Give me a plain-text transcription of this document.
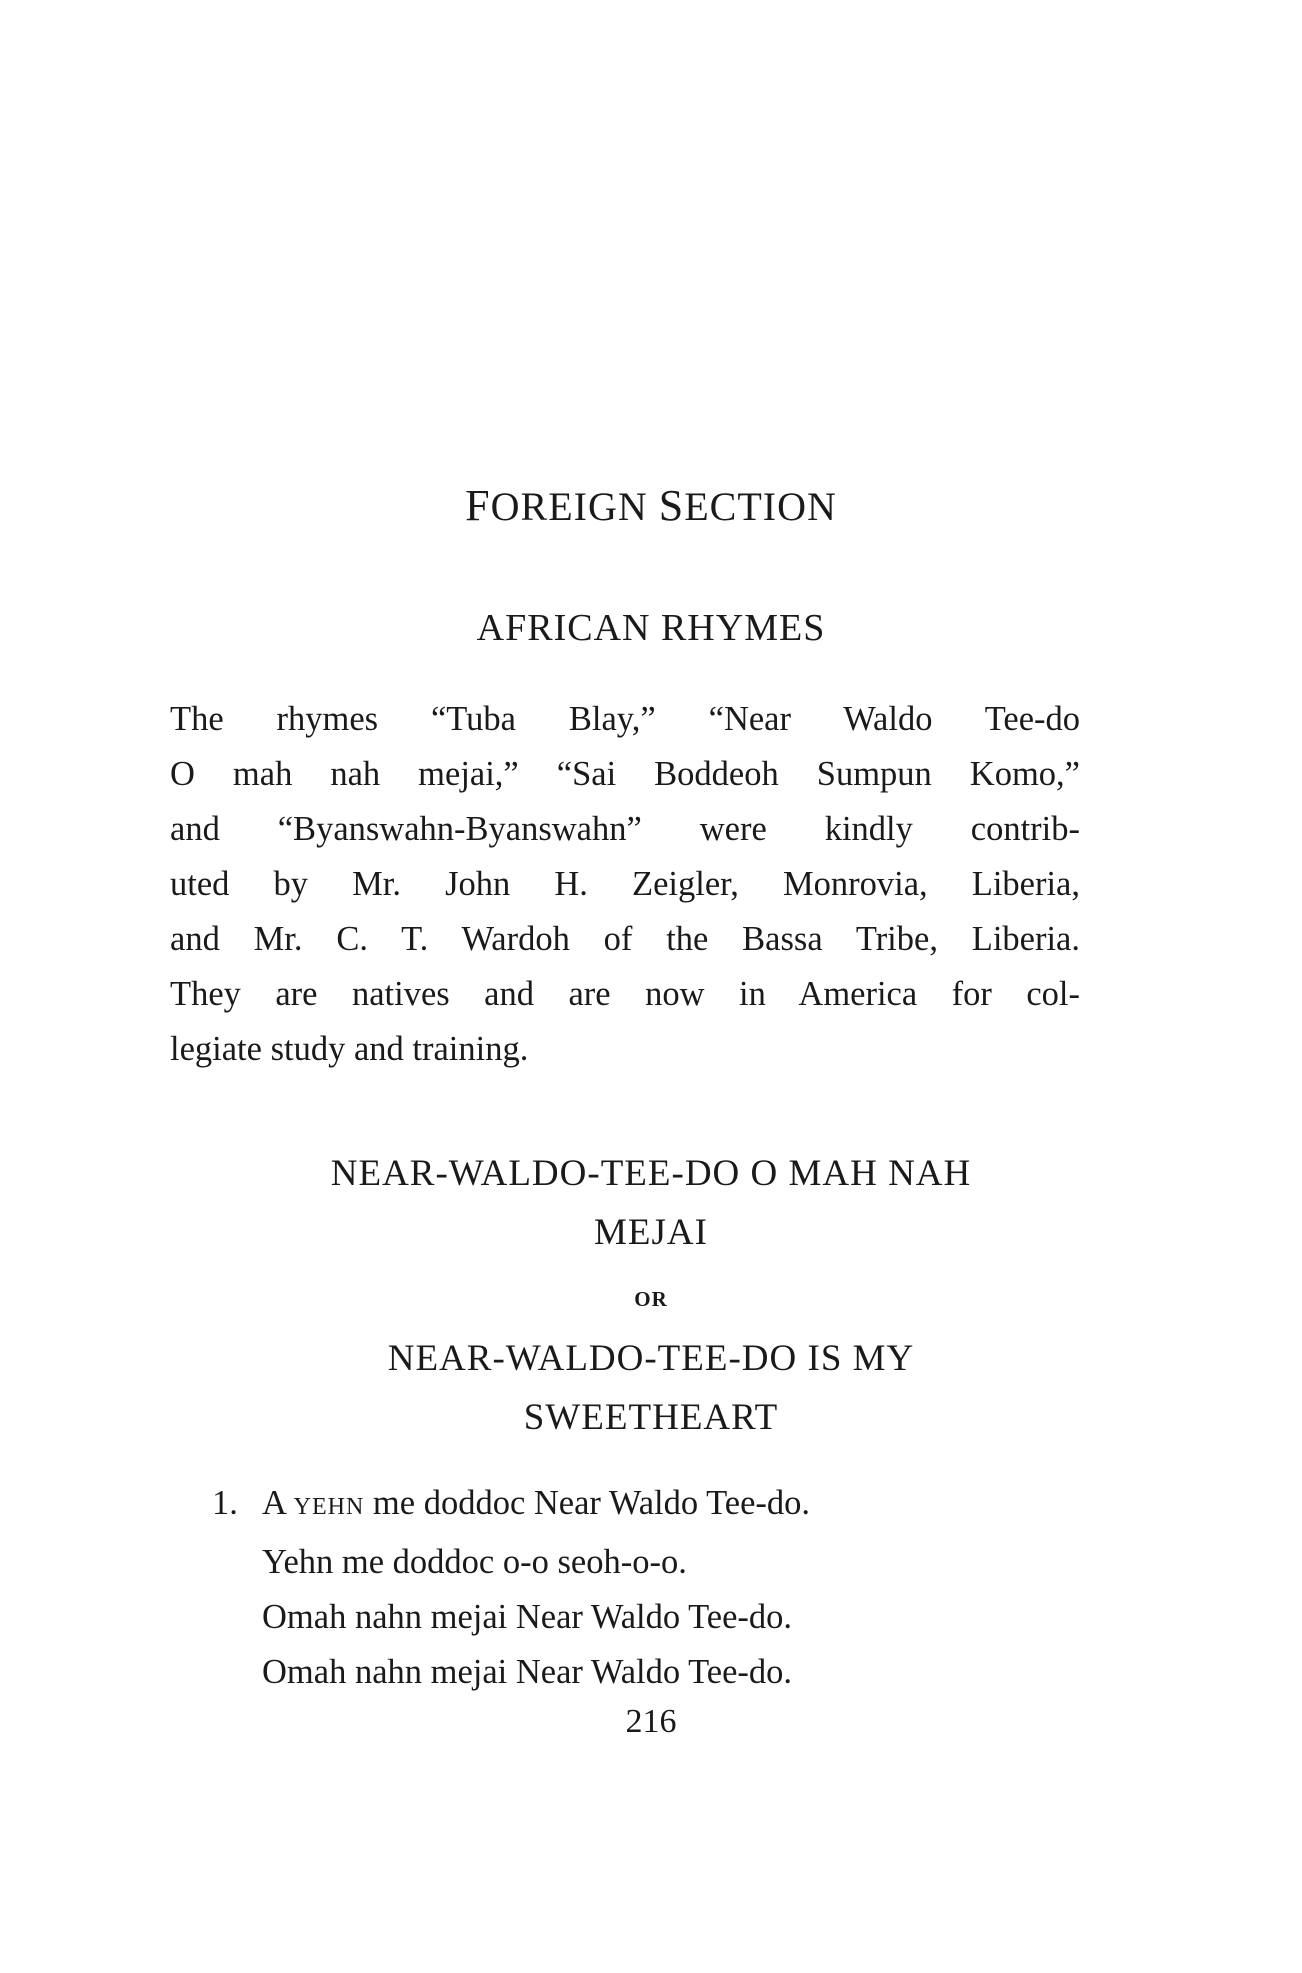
FOREIGN SECTION
AFRICAN RHYMES

The rhymes “Tuba Blay,” “Near Waldo Tee-do
O mah nah mejai,” “Sai Boddeoh Sumpun Komo,”
and “Byanswahn-Byanswahn” were kindly contrib-
uted by Mr. John H. Zeigler, Monrovia, Liberia,
and Mr. C. T. Wardoh of the Bassa Tribe, Liberia.
They are natives and are now in America for col-
legiate study and training.

NEAR-WALDO-TEE-DO O MAH NAH
MEJAI
OR
NEAR-WALDO-TEE-DO IS MY
SWEETHEART
1. A YEHN me doddoc Near Waldo Tee-do.
Yehn me doddoc o-o seoh-o-o.
Omah nahn mejai Near Waldo Tee-do.
Omah nahn mejai Near Waldo Tee-do.
216
